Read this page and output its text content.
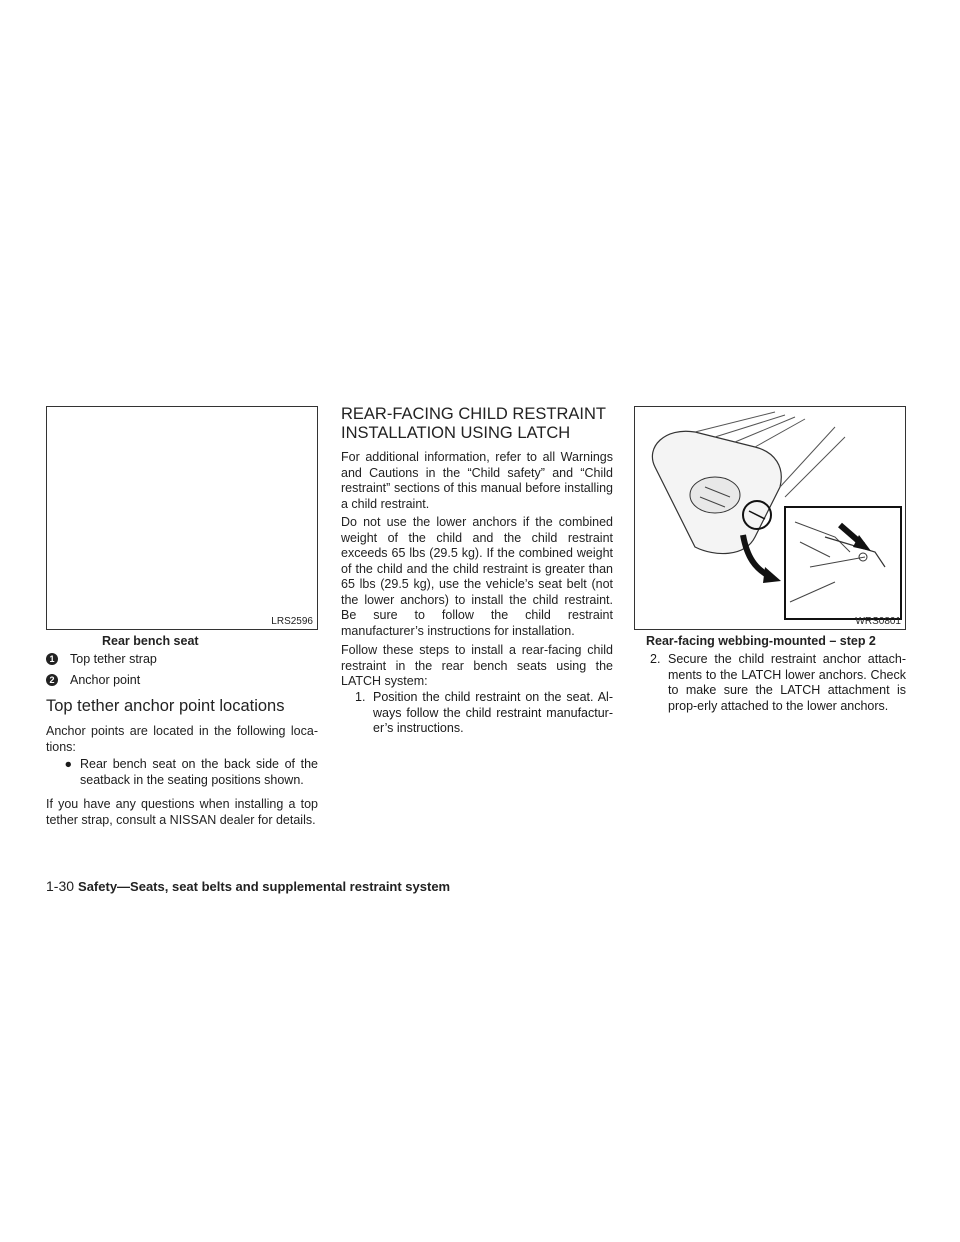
LRS2596
Rear bench seat
1 Top tether strap
2 Anchor point
Top tether anchor point locations

Anchor points are located in the following loca-tions:

● Rear bench seat on the back side of the seatback in the seating positions shown.

If you have any questions when installing a top tether strap, consult a NISSAN dealer for details.

REAR-FACING CHILD RESTRAINT
INSTALLATION USING LATCH

For additional information, refer to all Warnings and Cautions in the “Child safety” and “Child restraint” sections of this manual before installing a child restraint.

Do not use the lower anchors if the combined weight of the child and the child restraint exceeds 65 lbs (29.5 kg). If the combined weight of the child and the child restraint is greater than 65 lbs (29.5 kg), use the vehicle’s seat belt (not the lower anchors) to install the child restraint. Be sure to follow the child restraint manufacturer’s instructions for installation.

Follow these steps to install a rear-facing child restraint in the rear bench seats using the LATCH system:

1. Position the child restraint on the seat. Al-ways follow the child restraint manufactur-er’s instructions.
WRS0801
Rear-facing webbing-mounted – step 2
2. Secure the child restraint anchor attach-ments to the LATCH lower anchors. Check to make sure the LATCH attachment is prop-erly attached to the lower anchors.
1-30 Safety—Seats, seat belts and supplemental restraint system
